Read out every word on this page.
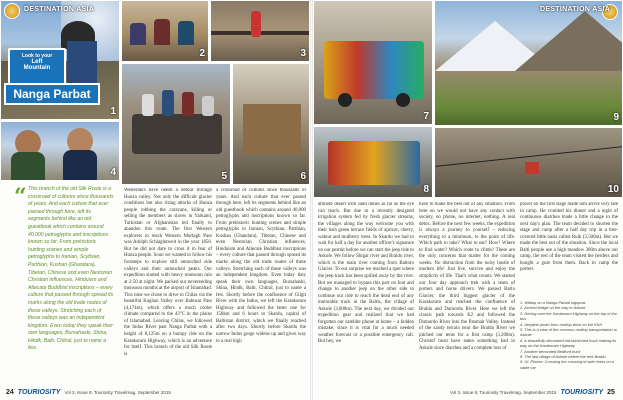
1
Look to your
Left
Mountain
Nanga Parbat
DESTINATION ASIA
2	3
4	5	6
7
8
9
DESTINATION ASIA
10
“ This branch of the old Silk Route is a crossroad of cultures since thousands of years. And each culture that ever passed through here, left its segments behind like an old guestbook which contains around 40,000 petroglyphs and inscriptions known so far. From prehistoric hunting scenes and simple petroglyphs to Iranian, Scythian, Parthian, Kushan (Ghandara), Tibetan, Chinese and even Nestorian Christian influences, Hinduism and Atlecate Buddhist inscriptions – every culture that passed through spread its marks along the old trade routes of these valleys. Stretching each of these valleys was an independent kingdom. Even today they speak their own languages, Bursahaski, Shina, Hindk, Balti, Chitral, just to name a few.
Westerners have needs a detour through Hunza valley. Not only the difficult glacier conditions but also rising attacks of Hunza people robbing the caravans, killing or selling the members as slaves in Yarkand, Turkistan or Afghanistan led finally to abandon this route. The first Western explorers to reach Western Murtagh Pass was Adolph Schlagintweit in the year 1856. But he did not dare to cross it in fear of Hunza people. Soon we wanted to follow his footsteps to explore still untouched side valleys and their untouched peaks. Our expedition started with heavy monsoon rain at 2:50 at night. We packed our neverending monsoon months at the airport of Islamabad. This time we chose to drive to Chilas via the beautiful Kaghan Valley over Babusar Pass (4,174m), which offers a much cooler climate compared to the 43°C in the plains of Islamabad. Leaving Chilas, we followed the Indus River past Nanga Parbat with a height of 8,125m on a bumpy ride on the Karakoram Highway, which is an adventure for itself. This branch of the old Silk Route is
a crossroad of cultures since thousands of years. And each culture that ever passed through here, left its segments behind like an old guestbook which contains around 40,000 petroglyphs and inscriptions known so far. From prehistoric hunting scenes and simple petroglyphs to Iranian, Scythian, Parthian, Kushan (Ghandara), Tibetan, Chinese and even Nestorian Christian influences, Hinduism and Atlecate Buddhist inscriptions – every culture that passed through spread its marks along the old trade routes of these valleys. Stretching each of these valleys was an independent kingdom. Even today they speak their own languages, Bursahaski, Shina, Hindk, Balti, Chitral, just to name a few. Shortly before the confluence of Gilgit River with the Indus, we left the Karakoram Highway and followed the latter one for 150km and 6 hours to Skardu, capital of Baltistan district, which we finally reached after two days. Shortly before Skardu the narrow Indus gorge widens up and gives way to a real high
altitude desert with sand dunes as far as the eye can reach. But due to a recently designed irrigation system fed by fresh glacier streams, the villages along the way welcome you with their lush green terrace fields of apricot, cherry, walnut and mulberry trees. In Skardu we had to wait for half a day for another officer's signature on our permit before we can start the jeep ride to Askole. We follow Shigar river and Braldu river, which is the main river coming from Baltoro Glacier. To our surprise we reached a spot where the jeep track has been spilled away by the river. But we managed to bypass this part on foot and change to another jeep on the other side to continue our ride to reach the dead end of any motorable track in the Baltis, the village of Askole (3,000m). The next day, we divided our expedition gear and realized that we had forgotten our satellite phone at home – a hidden mistake, since it is vital for a much needed weather forecast or a possible emergency call. But hey, we
have to make the best out of any situation. From here on we would not have any contact with society, no phone, no internet, nothing. A real detox. Before the next few weeks, the expedition is always a journey to yourself – reducing everything to a minimum, to the point of life. Which path to take? What to eat? How? Where to find water? Which route to climb? These are the only concerns that matter for the coming weeks. No distraction from the noisy hustle of modern life! Just live, survive and enjoy the simplicity of life. That's what counts. We started our four day approach trek with a team of porters and horse drivers. We passed Barlu Glacier, the third biggest glacier of the Karakoram and reached the confluence of Braldu and Dumordo River. Here we left the classic path towards K2 and followed the Dumordo River into the Panmah Valley. Instead of the sandy terrain near the Braldu River we pitched our tents for a first camp (3,200m). Christof must have eaten something bad in Askole since diarrhea and a complete loss of
power on the first stage made him arrive very late in camp. He vomited his dinner and a night of continuous diarrhea made a little change in the next day's plan. The team decided to shorten the stage and camp after a half day trip in a tree-covered little oasis called Ruik (3,500m). But we made the best out of the situation. Since the local Balti people use a high meadow 300m above our camp, the rest of the team visited the herders and bought a goat from them. Back in camp the porters
1. Wildup on a Nanga Parbat signpost
2. Arched bridge on the way to Askole
3. Driving over the Karakoram Highway on the top of the bus
4. Jeepline photo from rooftop drive on the KKH
5. This is a view of the common rooftop transportation to Askole
6. A beautifully decorated old-fashioned truck making its way on the Karakoram Highway
7. Another decorated Bedford truck
8. The last village of Askole before the trek Braldu
9. Gl. Phutse: Crossing the crossing of side rivers on a cable car
24 TOURIOSITY Vol 3, Issue 8, Touriosity Travelmag. September 2015	Vol 3, Issue 8, Touriosity Travelmag. September 2015 TOURIOSITY 25
